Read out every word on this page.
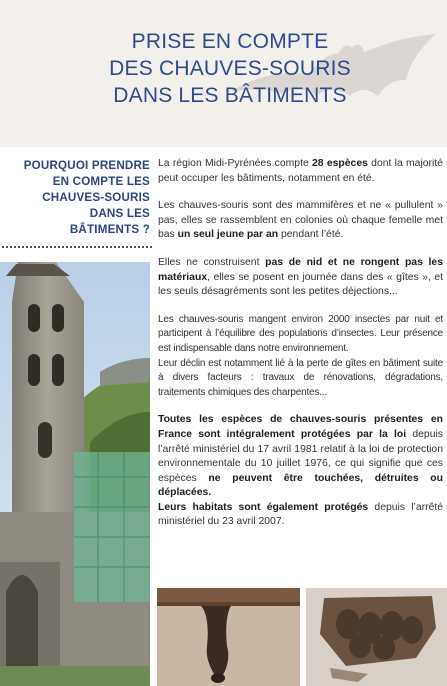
PRISE EN COMPTE
DES CHAUVES-SOURIS
DANS LES BÂTIMENTS
POURQUOI PRENDRE
EN COMPTE LES
CHAUVES-SOURIS
DANS LES
BÂTIMENTS ?

La région Midi-Pyrénées compte 28 espèces dont la majorité peut occuper les bâtiments, notamment en été.

Les chauves-souris sont des mammifères et ne « pullulent » pas, elles se rassemblent en colonies où chaque femelle met bas un seul jeune par an pendant l’été.

Elles ne construisent pas de nid et ne rongent pas les matériaux, elles se posent en journée dans des « gîtes », et les seuls désagréments sont les petites déjections...

Les chauves-souris mangent environ 2000 insectes par nuit et participent à l’équilibre des populations d’insectes. Leur présence est indispensable dans notre environnement.

Leur déclin est notamment lié à la perte de gîtes en bâtiment suite à divers facteurs : travaux de rénovations, dégradations, traitements chimiques des charpentes...

Toutes les espèces de chauves-souris présentes en France sont intégralement protégées par la loi depuis l’arrêté ministériel du 17 avril 1981 relatif à la loi de protection environnementale du 10 juillet 1976, ce qui signifie que ces espèces ne peuvent être touchées, détruites ou déplacées.

Leurs habitats sont également protégés depuis l’arrêté ministériel du 23 avril 2007.
